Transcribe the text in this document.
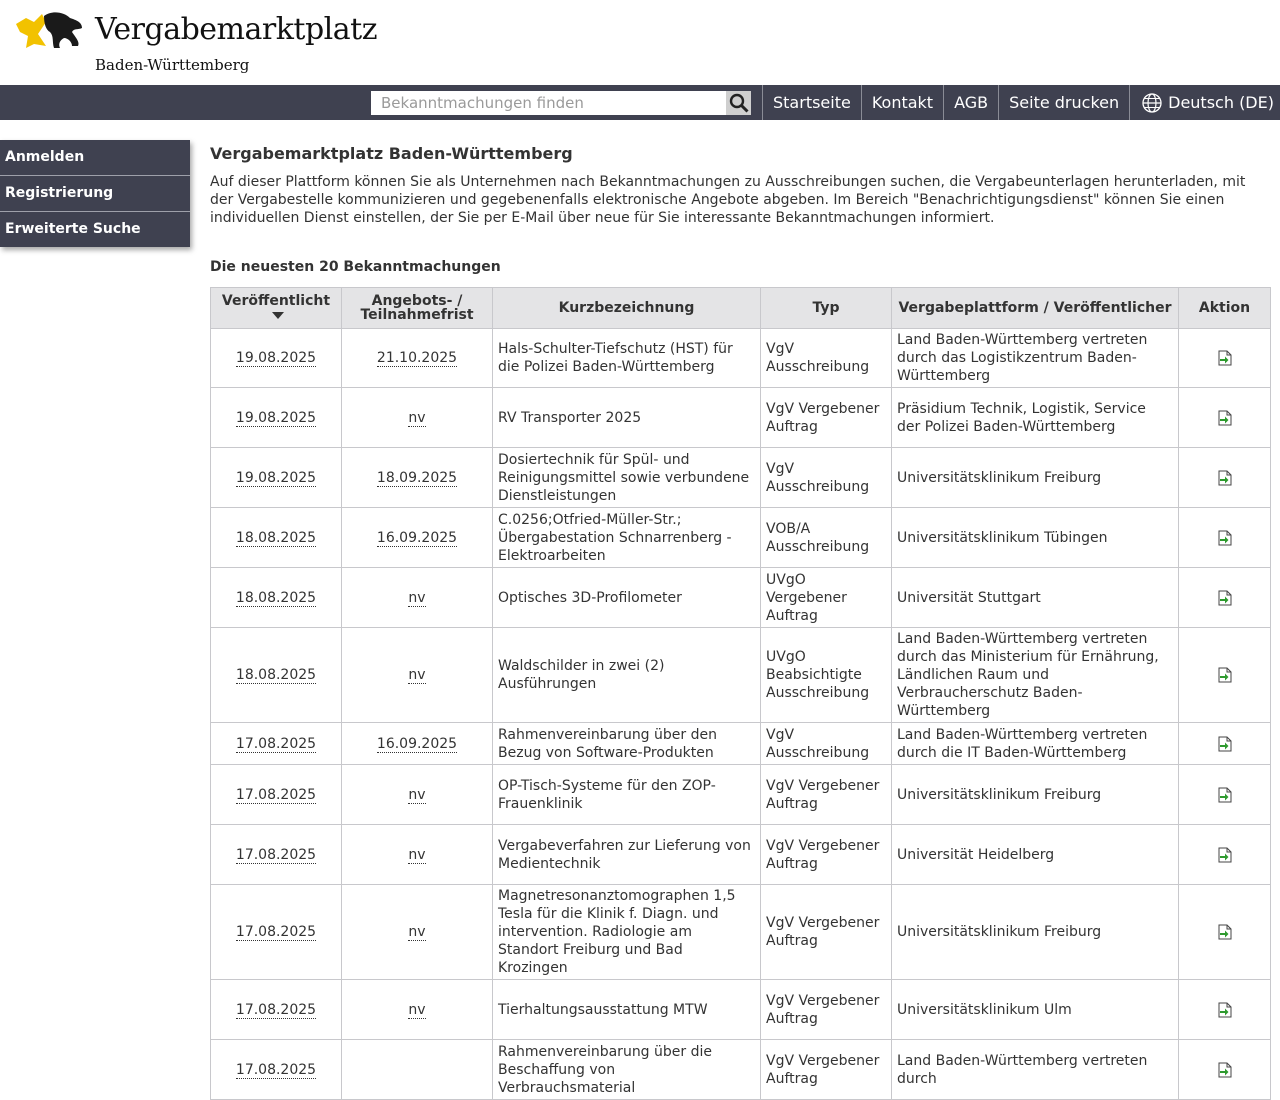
Vergabemarktplatz
Baden-Württemberg
Bekanntmachungen finden
Startseite	Kontakt	AGB	Seite drucken	Deutsch (DE)
Anmelden
Registrierung
Erweiterte Suche
Vergabemarktplatz Baden-Württemberg

Auf dieser Plattform können Sie als Unternehmen nach Bekanntmachungen zu Ausschreibungen suchen, die Vergabeunterlagen herunterladen, mit der Vergabestelle kommunizieren und gegebenenfalls elektronische Angebote abgeben. Im Bereich "Benachrichtigungsdienst" können Sie einen individuellen Dienst einstellen, der Sie per E-Mail über neue für Sie interessante Bekanntmachungen informiert.

Die neuesten 20 Bekanntmachungen
Veröffentlicht	Angebots- / Teilnahmefrist	Kurzbezeichnung	Typ	Vergabeplattform / Veröffentlicher	Aktion
19.08.2025	21.10.2025	Hals-Schulter-Tiefschutz (HST) für die Polizei Baden-Württemberg	VgV Ausschreibung	Land Baden-Württemberg vertreten durch das Logistikzentrum Baden-Württemberg	
19.08.2025	nv	RV Transporter 2025	VgV Vergebener Auftrag	Präsidium Technik, Logistik, Service der Polizei Baden-Württemberg	
19.08.2025	18.09.2025	Dosiertechnik für Spül- und Reinigungsmittel sowie verbundene Dienstleistungen	VgV Ausschreibung	Universitätsklinikum Freiburg	
18.08.2025	16.09.2025	C.0256;Otfried-Müller-Str.; Übergabestation Schnarrenberg - Elektroarbeiten	VOB/A Ausschreibung	Universitätsklinikum Tübingen	
18.08.2025	nv	Optisches 3D-Profilometer	UVgO Vergebener Auftrag	Universität Stuttgart	
18.08.2025	nv	Waldschilder in zwei (2) Ausführungen	UVgO Beabsichtigte Ausschreibung	Land Baden-Württemberg vertreten durch das Ministerium für Ernährung, Ländlichen Raum und Verbraucherschutz Baden-Württemberg	
17.08.2025	16.09.2025	Rahmenvereinbarung über den Bezug von Software-Produkten	VgV Ausschreibung	Land Baden-Württemberg vertreten durch die IT Baden-Württemberg	
17.08.2025	nv	OP-Tisch-Systeme für den ZOP-Frauenklinik	VgV Vergebener Auftrag	Universitätsklinikum Freiburg	
17.08.2025	nv	Vergabeverfahren zur Lieferung von Medientechnik	VgV Vergebener Auftrag	Universität Heidelberg	
17.08.2025	nv	Magnetresonanztomographen 1,5 Tesla für die Klinik f. Diagn. und intervention. Radiologie am Standort Freiburg und Bad Krozingen	VgV Vergebener Auftrag	Universitätsklinikum Freiburg	
17.08.2025	nv	Tierhaltungsausstattung MTW	VgV Vergebener Auftrag	Universitätsklinikum Ulm	
17.08.2025		Rahmenvereinbarung über die Beschaffung von Verbrauchsmaterial	VgV Vergebener Auftrag	Land Baden-Württemberg vertreten durch	
